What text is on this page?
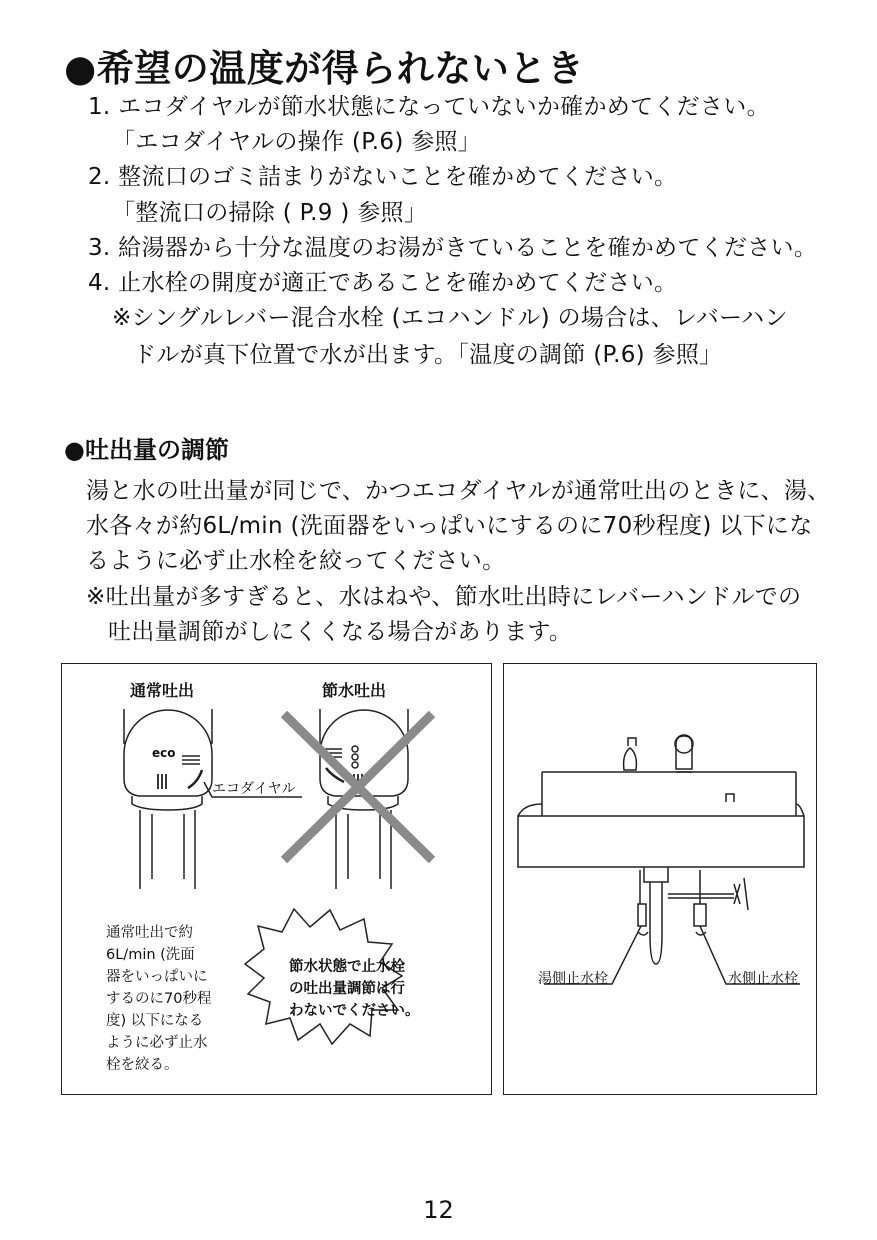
●希望の温度が得られないとき
1. エコダイヤルが節水状態になっていないか確かめてください。
「エコダイヤルの操作 (P.6) 参照」
2. 整流口のゴミ詰まりがないことを確かめてください。
「整流口の掃除 ( P.9 ) 参照」
3. 給湯器から十分な温度のお湯がきていることを確かめてください。
4. 止水栓の開度が適正であることを確かめてください。
※シングルレバー混合水栓 (エコハンドル) の場合は、レバーハン
ドルが真下位置で水が出ます。「温度の調節 (P.6) 参照」
●吐出量の調節
湯と水の吐出量が同じで、かつエコダイヤルが通常吐出のときに、湯、
水各々が約6L/min (洗面器をいっぱいにするのに70秒程度) 以下にな
るように必ず止水栓を絞ってください。
※吐出量が多すぎると、水はねや、節水吐出時にレバーハンドルでの
吐出量調節がしにくくなる場合があります。
通常吐出	節水吐出
eco
エコダイヤル
通常吐出で約
6L/min (洗面
器をいっぱいに
するのに70秒程
度) 以下になる
ように必ず止水
栓を絞る。
節水状態で止水栓
の吐出量調節は行
わないでください。
湯側止水栓	水側止水栓
12
